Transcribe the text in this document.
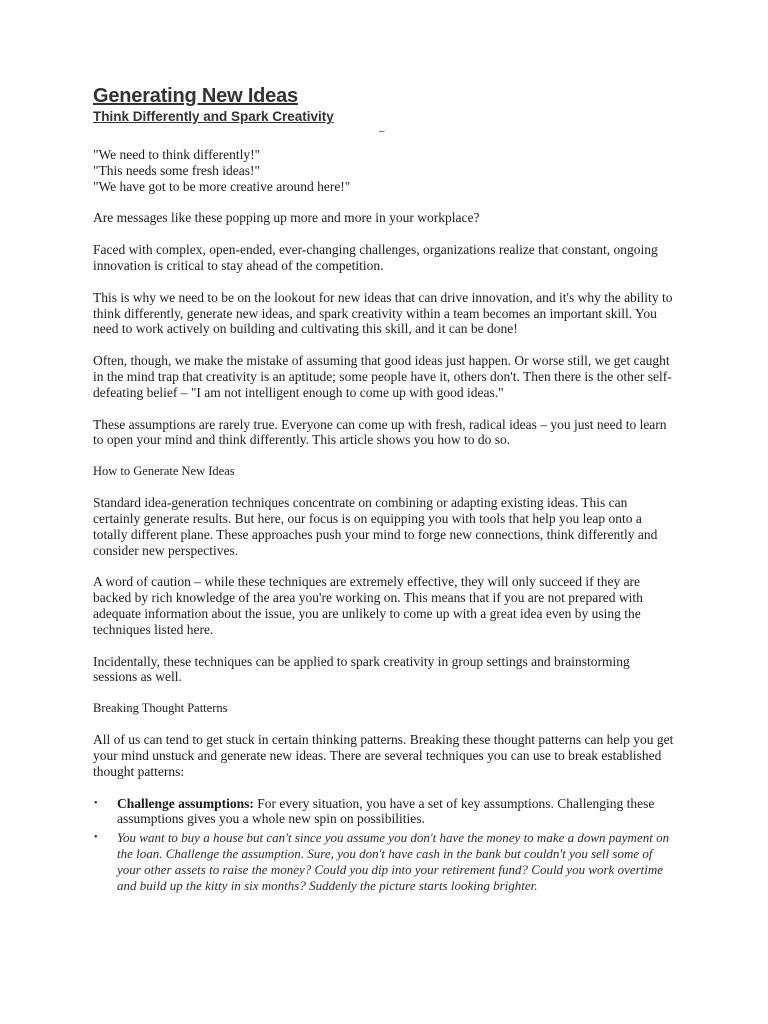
Generating New Ideas
Think Differently and Spark Creativity
–

"We need to think differently!"

"This needs some fresh ideas!"

"We have got to be more creative around here!"

Are messages like these popping up more and more in your workplace?

Faced with complex, open-ended, ever-changing challenges, organizations realize that constant, ongoing innovation is critical to stay ahead of the competition.

This is why we need to be on the lookout for new ideas that can drive innovation, and it's why the ability to think differently, generate new ideas, and spark creativity within a team becomes an important skill. You need to work actively on building and cultivating this skill, and it can be done!

Often, though, we make the mistake of assuming that good ideas just happen. Or worse still, we get caught in the mind trap that creativity is an aptitude; some people have it, others don't. Then there is the other self-defeating belief – "I am not intelligent enough to come up with good ideas."

These assumptions are rarely true. Everyone can come up with fresh, radical ideas – you just need to learn to open your mind and think differently. This article shows you how to do so.

How to Generate New Ideas

Standard idea-generation techniques concentrate on combining or adapting existing ideas. This can certainly generate results. But here, our focus is on equipping you with tools that help you leap onto a totally different plane. These approaches push your mind to forge new connections, think differently and consider new perspectives.

A word of caution – while these techniques are extremely effective, they will only succeed if they are backed by rich knowledge of the area you're working on. This means that if you are not prepared with adequate information about the issue, you are unlikely to come up with a great idea even by using the techniques listed here.

Incidentally, these techniques can be applied to spark creativity in group settings and brainstorming sessions as well.

Breaking Thought Patterns

All of us can tend to get stuck in certain thinking patterns. Breaking these thought patterns can help you get your mind unstuck and generate new ideas. There are several techniques you can use to break established thought patterns:

• Challenge assumptions: For every situation, you have a set of key assumptions. Challenging these assumptions gives you a whole new spin on possibilities.
• You want to buy a house but can't since you assume you don't have the money to make a down payment on the loan. Challenge the assumption. Sure, you don't have cash in the bank but couldn't you sell some of your other assets to raise the money? Could you dip into your retirement fund? Could you work overtime and build up the kitty in six months? Suddenly the picture starts looking brighter.
